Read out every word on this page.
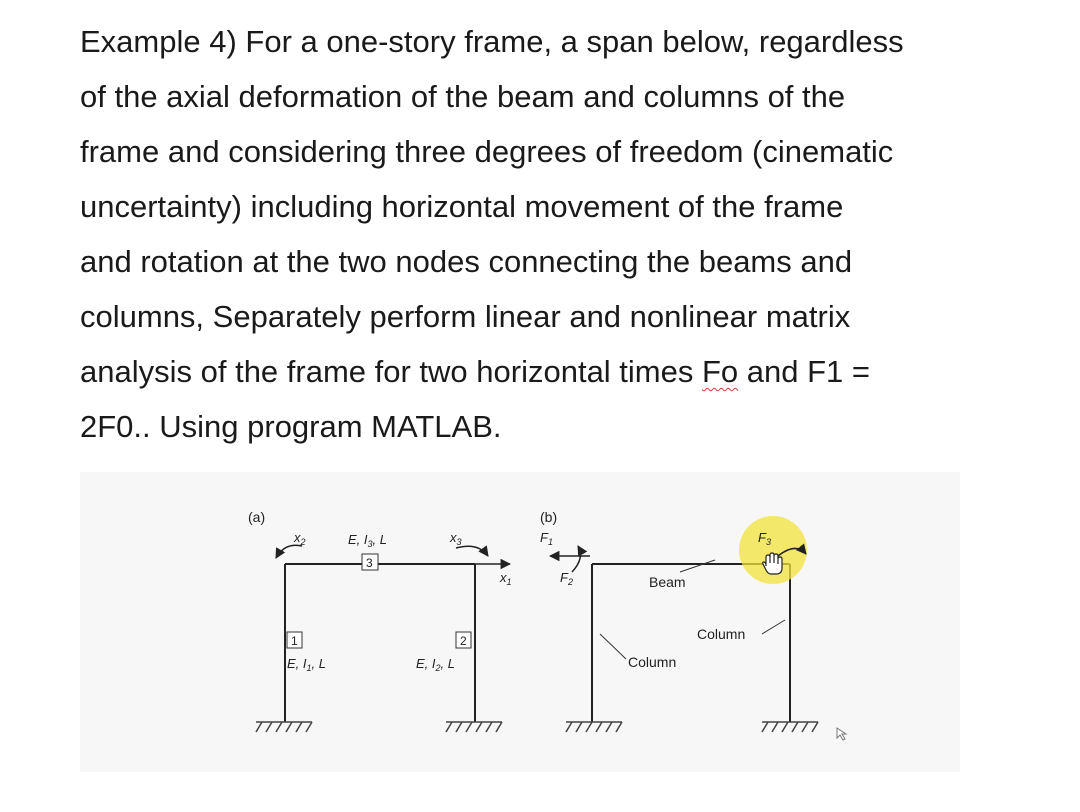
Example 4) For a one-story frame, a span below, regardless
of the axial deformation of the beam and columns of the
frame and considering three degrees of freedom (cinematic
uncertainty) including horizontal movement of the frame
and rotation at the two nodes connecting the beams and
columns, Separately perform linear and nonlinear matrix
analysis of the frame for two horizontal times Fo and F1 =
2F0.. Using program MATLAB.
(a)
$x_2$	$x_3$
$x_1$
E, $I_3$, L
3
1
E, $I_1$, L
2
E, $I_2$, L
(b)
$F_1$
$F_2$	Beam
Column
Column
$F_3$
